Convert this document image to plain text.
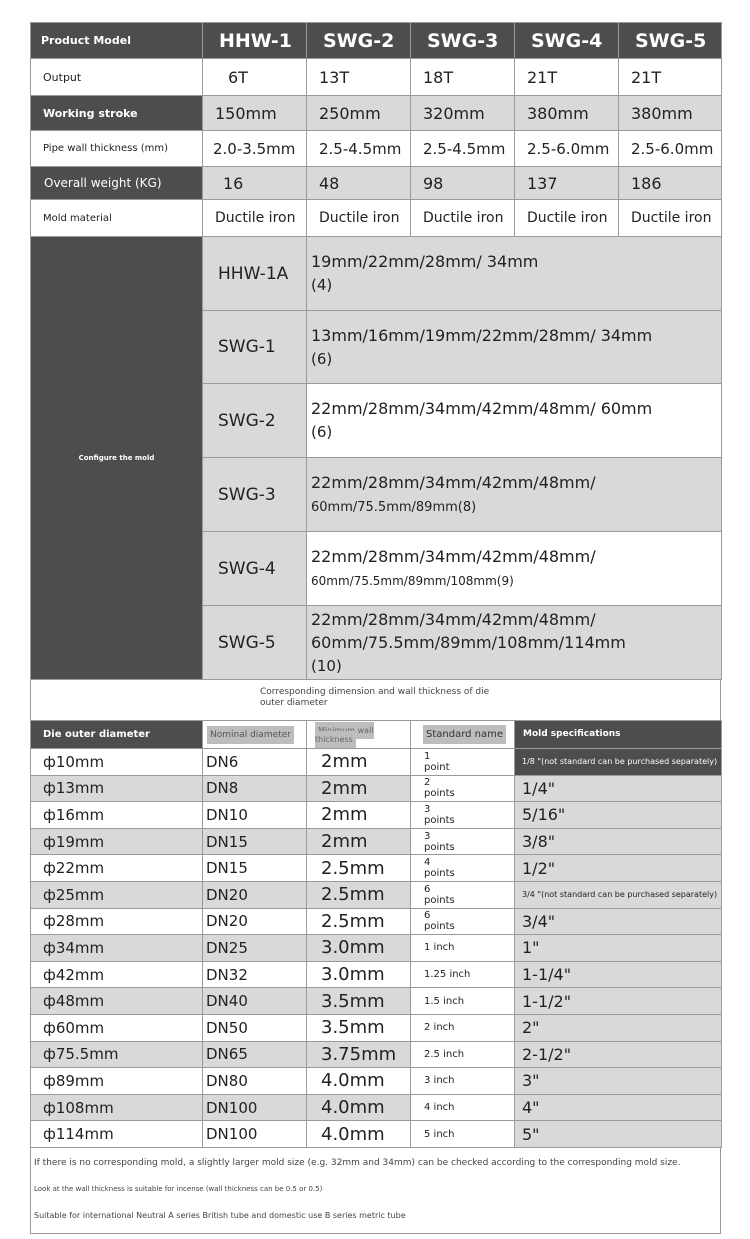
Product Model	HHW-1	SWG-2	SWG-3	SWG-4	SWG-5
Output	6T	13T	18T	21T	21T
Working stroke	150mm	250mm	320mm	380mm	380mm
Pipe wall thickness (mm)	2.0-3.5mm	2.5-4.5mm	2.5-4.5mm	2.5-6.0mm	2.5-6.0mm
Overall weight (KG)	16	48	98	137	186
Mold material	Ductile iron	Ductile iron	Ductile iron	Ductile iron	Ductile iron
Configure the mold	HHW-1A	19mm/22mm/28mm/ 34mm
(4)
	SWG-1	13mm/16mm/19mm/22mm/28mm/ 34mm
(6)
	SWG-2	22mm/28mm/34mm/42mm/48mm/ 60mm
(6)
	SWG-3	22mm/28mm/34mm/42mm/48mm/
60mm/75.5mm/89mm(8)
	SWG-4	22mm/28mm/34mm/42mm/48mm/
60mm/75.5mm/89mm/108mm(9)
	SWG-5	22mm/28mm/34mm/42mm/48mm/
60mm/75.5mm/89mm/108mm/114mm
(10)
Corresponding dimension and wall thickness of die outer diameter
Die outer diameter	Nominal diameter	Minimum wall thickness	Standard name	Mold specifications
ф10mm	DN6	2mm	1
point	1/8 "(not standard can be purchased separately)
ф13mm	DN8	2mm	2
points	1/4"
ф16mm	DN10	2mm	3
points	5/16"
ф19mm	DN15	2mm	3
points	3/8"
ф22mm	DN15	2.5mm	4
points	1/2"
ф25mm	DN20	2.5mm	6
points	3/4 "(not standard can be purchased separately)
ф28mm	DN20	2.5mm	6
points	3/4"
ф34mm	DN25	3.0mm	1 inch	1"
ф42mm	DN32	3.0mm	1.25 inch	1-1/4"
ф48mm	DN40	3.5mm	1.5 inch	1-1/2"
ф60mm	DN50	3.5mm	2 inch	2"
ф75.5mm	DN65	3.75mm	2.5 inch	2-1/2"
ф89mm	DN80	4.0mm	3 inch	3"
ф108mm	DN100	4.0mm	4 inch	4"
ф114mm	DN100	4.0mm	5 inch	5"
If there is no corresponding mold, a slightly larger mold size (e.g. 32mm and 34mm) can be checked according to the corresponding mold size.
Look at the wall thickness is suitable for incense (wall thickness can be 0.5 or 0.5)
Suitable for international Neutral A series British tube and domestic use B series metric tube
